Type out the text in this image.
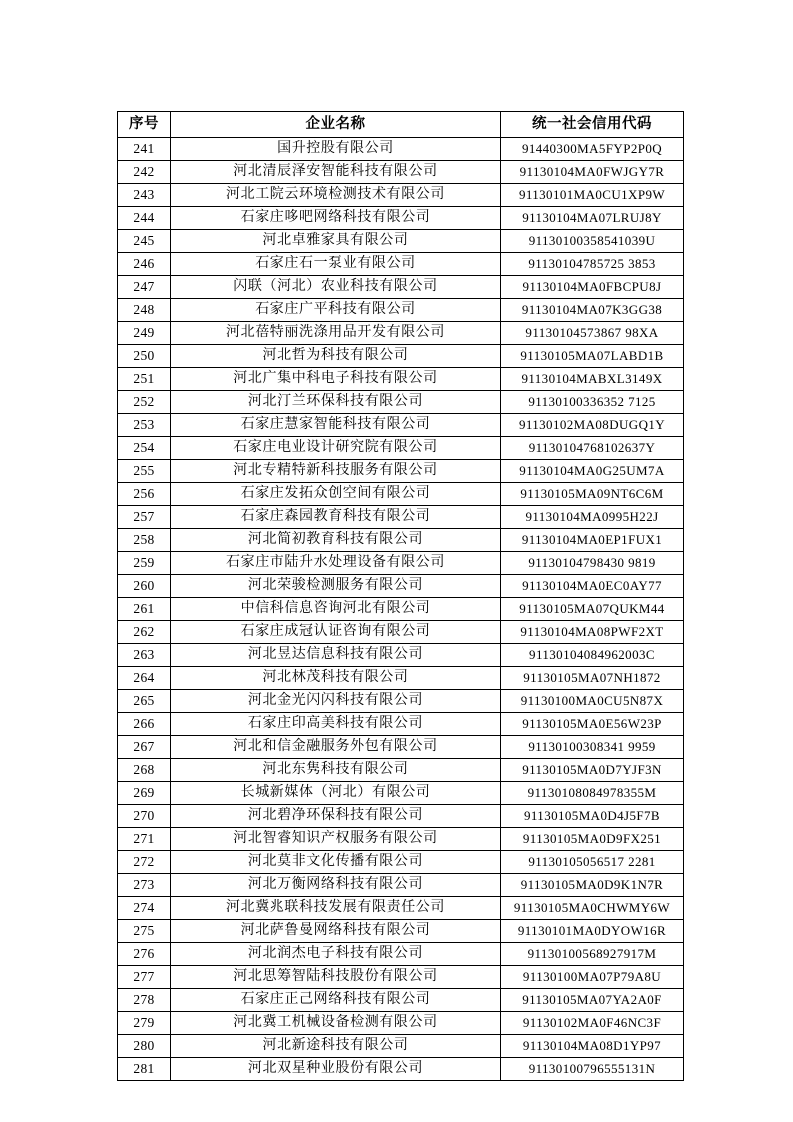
序号	企业名称	统一社会信用代码
241	国升控股有限公司	91440300MA5FYP2P0Q
242	河北清辰泽安智能科技有限公司	91130104MA0FWJGY7R
243	河北工院云环境检测技术有限公司	91130101MA0CU1XP9W
244	石家庄哆吧网络科技有限公司	91130104MA07LRUJ8Y
245	河北卓雅家具有限公司	91130100358541039U
246	石家庄石一泵业有限公司	91130104785725 3853
247	闪联（河北）农业科技有限公司	91130104MA0FBCPU8J
248	石家庄广平科技有限公司	91130104MA07K3GG38
249	河北蓓特丽洗涤用品开发有限公司	91130104573867 98XA
250	河北哲为科技有限公司	91130105MA07LABD1B
251	河北广集中科电子科技有限公司	91130104MABXL3149X
252	河北汀兰环保科技有限公司	91130100336352 7125
253	石家庄慧家智能科技有限公司	91130102MA08DUGQ1Y
254	石家庄电业设计研究院有限公司	91130104768102637Y
255	河北专精特新科技服务有限公司	91130104MA0G25UM7A
256	石家庄发拓众创空间有限公司	91130105MA09NT6C6M
257	石家庄森园教育科技有限公司	91130104MA0995H22J
258	河北简初教育科技有限公司	91130104MA0EP1FUX1
259	石家庄市陆升水处理设备有限公司	91130104798430 9819
260	河北荣骏检测服务有限公司	91130104MA0EC0AY77
261	中信科信息咨询河北有限公司	91130105MA07QUKM44
262	石家庄成冠认证咨询有限公司	91130104MA08PWF2XT
263	河北昱达信息科技有限公司	91130104084962003C
264	河北林茂科技有限公司	91130105MA07NH1872
265	河北金光闪闪科技有限公司	91130100MA0CU5N87X
266	石家庄印高美科技有限公司	91130105MA0E56W23P
267	河北和信金融服务外包有限公司	91130100308341 9959
268	河北东隽科技有限公司	91130105MA0D7YJF3N
269	长城新媒体（河北）有限公司	91130108084978355M
270	河北碧净环保科技有限公司	91130105MA0D4J5F7B
271	河北智睿知识产权服务有限公司	91130105MA0D9FX251
272	河北莫非文化传播有限公司	91130105056517 2281
273	河北万衡网络科技有限公司	91130105MA0D9K1N7R
274	河北冀兆联科技发展有限责任公司	91130105MA0CHWMY6W
275	河北萨鲁曼网络科技有限公司	91130101MA0DYOW16R
276	河北润杰电子科技有限公司	91130100568927917M
277	河北思筹智陆科技股份有限公司	91130100MA07P79A8U
278	石家庄正己网络科技有限公司	91130105MA07YA2A0F
279	河北冀工机械设备检测有限公司	91130102MA0F46NC3F
280	河北新途科技有限公司	91130104MA08D1YP97
281	河北双星种业股份有限公司	91130100796555131N
